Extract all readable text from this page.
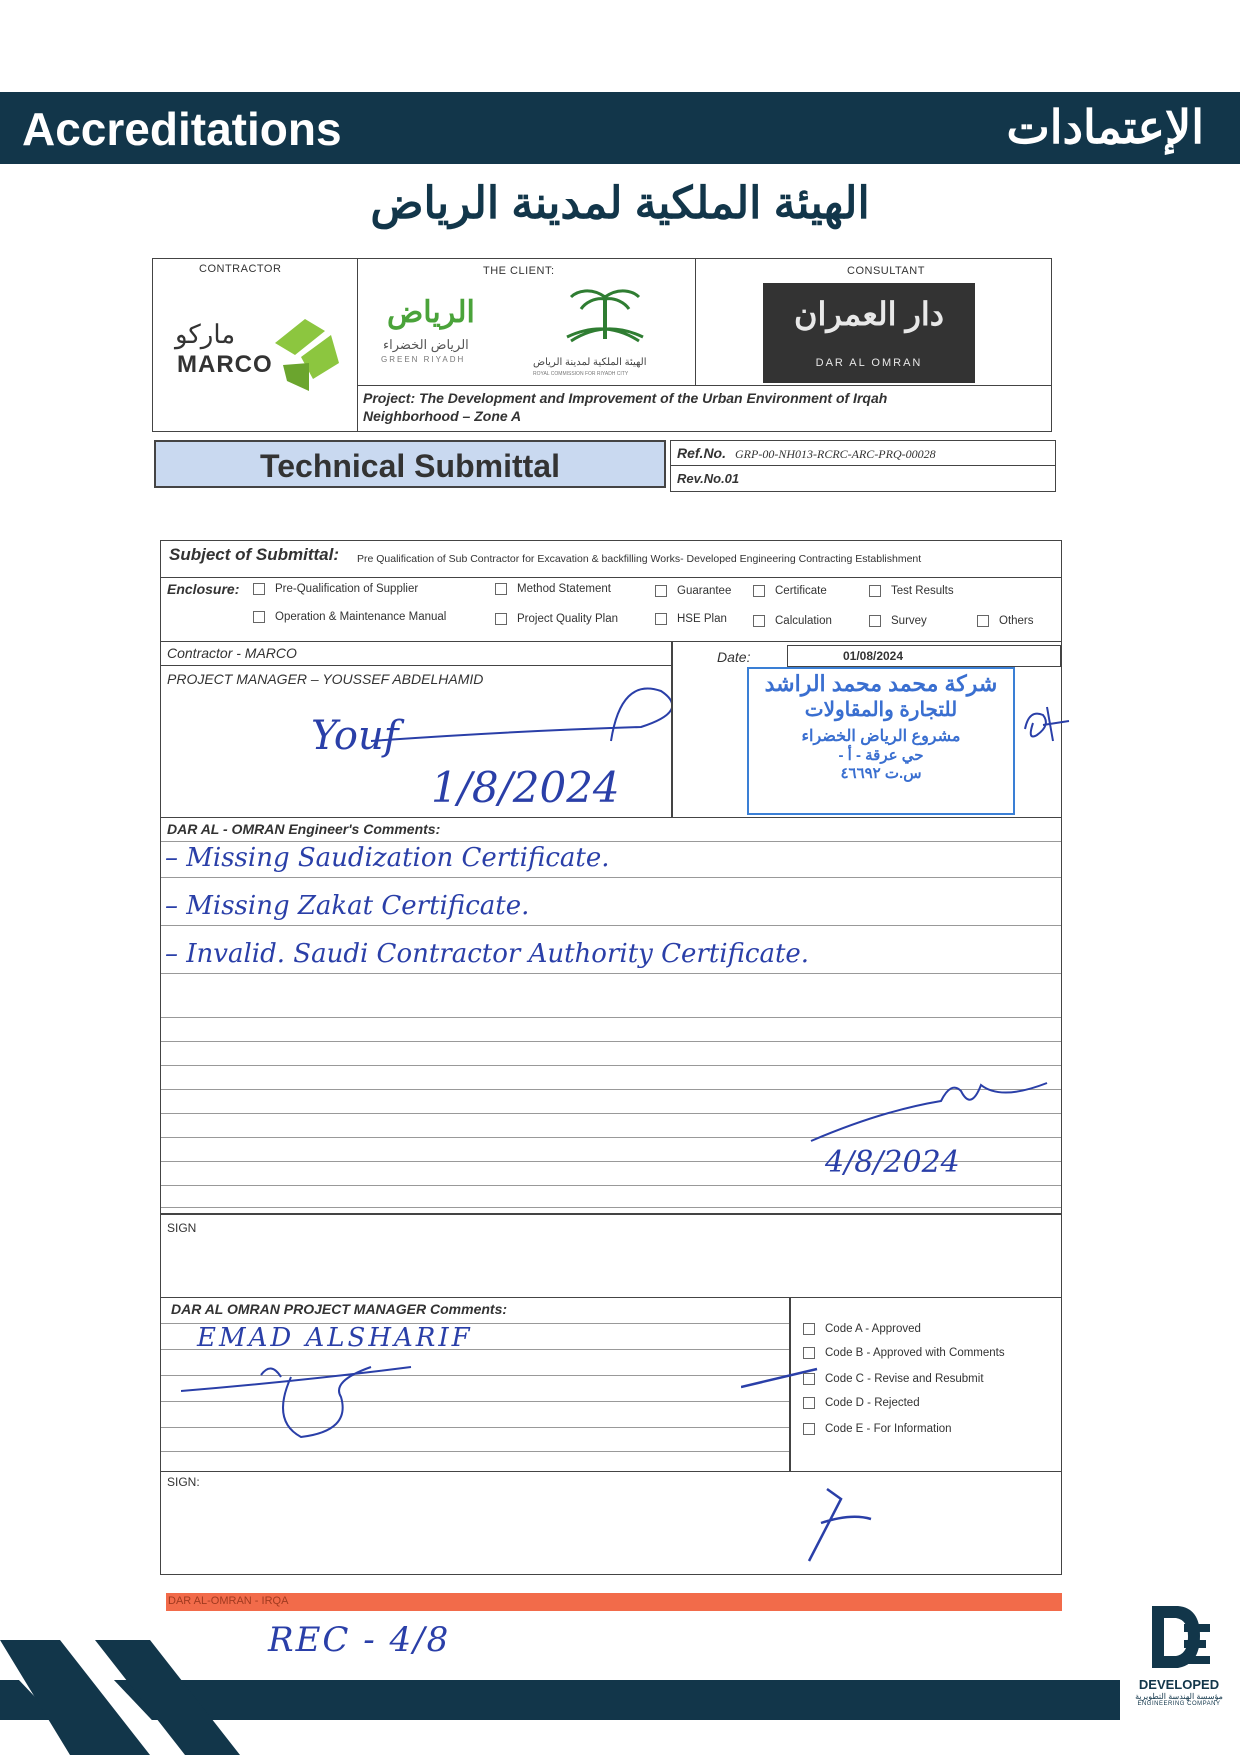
Accreditations	الإعتمادات
الهيئة الملكية لمدينة الرياض
CONTRACTOR
ماركو
MARCO
THE CLIENT:
الرياض
الرياض الخضراء
GREEN RIYADH	الهيئة الملكية لمدينة الرياض
ROYAL COMMISSION FOR RIYADH CITY
CONSULTANT
دار العمران
DAR AL OMRAN
Project: The Development and Improvement of the Urban Environment of Irqah
Neighborhood – Zone A
Technical Submittal	Ref.No. GRP-00-NH013-RCRC-ARC-PRQ-00028
Rev.No.01
Subject of Submittal: Pre Qualification of Sub Contractor for Excavation & backfilling Works- Developed Engineering Contracting Establishment
Enclosure:	Pre-Qualification of Supplier	Method Statement	Guarantee	Certificate	Test Results
Operation & Maintenance Manual	Project Quality Plan	HSE Plan	Calculation	Survey	Others
Contractor - MARCO	Date:	01/08/2024
PROJECT MANAGER – YOUSSEF ABDELHAMID
Youf
1/8/2024
شركة محمد محمد الراشد
للتجارة والمقاولات
مشروع الرياض الخضراء
حي عرقة - أ -
س.ت ٤٦٦٩٢
DAR AL - OMRAN Engineer's Comments:
– Missing Saudization Certificate.
– Missing Zakat Certificate.
– Invalid. Saudi Contractor Authority Certificate.
4/8/2024
SIGN
DAR AL OMRAN PROJECT MANAGER Comments:
EMAD ALSHARIF	Code A - Approved
Code B - Approved with Comments
Code C - Revise and Resubmit
Code D - Rejected
Code E - For Information
SIGN:
DAR AL-OMRAN - IRQA
REC - 4/8
DEVELOPED
مؤسسة الهندسة التطويرية
ENGINEERING COMPANY
